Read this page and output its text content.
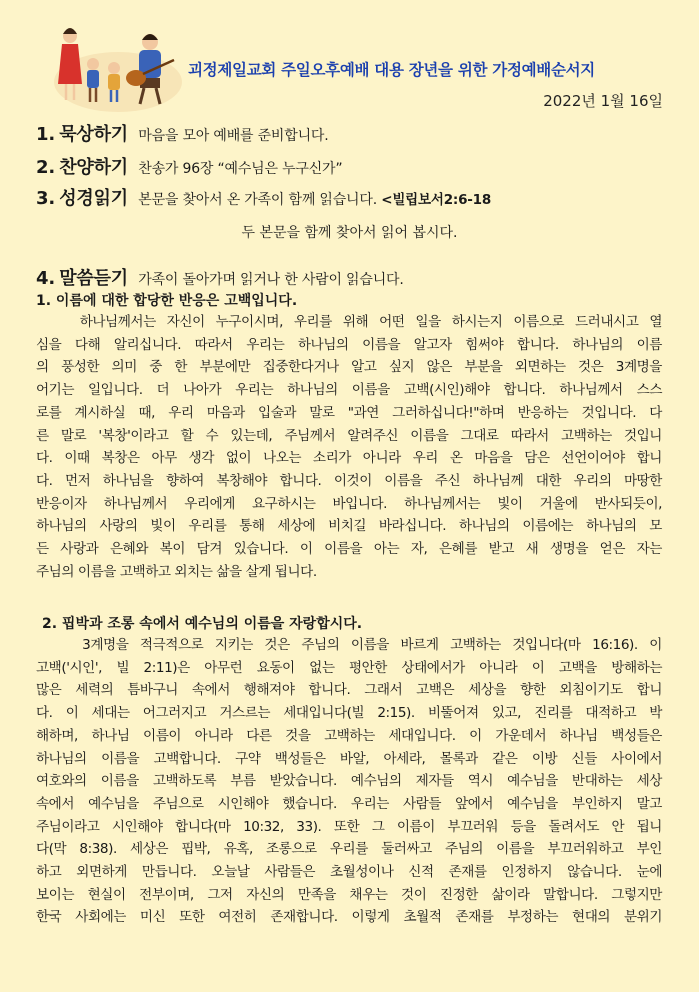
괴정제일교회 주일오후예배 대용 장년을 위한 가정예배순서지
2022년 1월 16일
1. 묵상하기 마음을 모아 예배를 준비합니다.
2. 찬양하기 찬송가 96장 “예수님은 누구신가”
3. 성경읽기 본문을 찾아서 온 가족이 함께 읽습니다. <빌립보서2:6-18
두 본문을 함께 찾아서 읽어 봅시다.
4. 말씀듣기 가족이 돌아가며 읽거나 한 사람이 읽습니다.
1. 이름에 대한 합당한 반응은 고백입니다.
하나님께서는 자신이 누구이시며, 우리를 위해 어떤 일을 하시는지 이름으로 드러내시고 열
심을 다해 알리십니다. 따라서 우리는 하나님의 이름을 알고자 힘써야 합니다. 하나님의 이름
의 풍성한 의미 중 한 부분에만 집중한다거나 알고 싶지 않은 부분을 외면하는 것은 3계명을
어기는 일입니다. 더 나아가 우리는 하나님의 이름을 고백(시인)해야 합니다. 하나님께서 스스
로를 계시하실 때, 우리 마음과 입술과 말로 "과연 그러하십니다!"하며 반응하는 것입니다. 다
른 말로 '복창'이라고 할 수 있는데, 주님께서 알려주신 이름을 그대로 따라서 고백하는 것입니
다. 이때 복창은 아무 생각 없이 나오는 소리가 아니라 우리 온 마음을 담은 선언이어야 합니
다. 먼저 하나님을 향하여 복창해야 합니다. 이것이 이름을 주신 하나님께 대한 우리의 마땅한
반응이자 하나님께서 우리에게 요구하시는 바입니다. 하나님께서는 빛이 거울에 반사되듯이,
하나님의 사랑의 빛이 우리를 통해 세상에 비치길 바라십니다. 하나님의 이름에는 하나님의 모
든 사랑과 은혜와 복이 담겨 있습니다. 이 이름을 아는 자, 은혜를 받고 새 생명을 얻은 자는
주님의 이름을 고백하고 외치는 삶을 살게 됩니다.
2. 핍박과 조롱 속에서 예수님의 이름을 자랑합시다.
3계명을 적극적으로 지키는 것은 주님의 이름을 바르게 고백하는 것입니다(마 16:16). 이
고백('시인', 빌 2:11)은 아무런 요동이 없는 평안한 상태에서가 아니라 이 고백을 방해하는
많은 세력의 틈바구니 속에서 행해져야 합니다. 그래서 고백은 세상을 향한 외침이기도 합니
다. 이 세대는 어그러지고 거스르는 세대입니다(빌 2:15). 비뚤어져 있고, 진리를 대적하고 박
해하며, 하나님 이름이 아니라 다른 것을 고백하는 세대입니다. 이 가운데서 하나님 백성들은
하나님의 이름을 고백합니다. 구약 백성들은 바알, 아세라, 몰록과 같은 이방 신들 사이에서
여호와의 이름을 고백하도록 부름 받았습니다. 예수님의 제자들 역시 예수님을 반대하는 세상
속에서 예수님을 주님으로 시인해야 했습니다. 우리는 사람들 앞에서 예수님을 부인하지 말고
주님이라고 시인해야 합니다(마 10:32, 33). 또한 그 이름이 부끄러워 등을 돌려서도 안 됩니
다(막 8:38). 세상은 핍박, 유혹, 조롱으로 우리를 둘러싸고 주님의 이름을 부끄러워하고 부인
하고 외면하게 만듭니다. 오늘날 사람들은 초월성이나 신적 존재를 인정하지 않습니다. 눈에
보이는 현실이 전부이며, 그저 자신의 만족을 채우는 것이 진정한 삶이라 말합니다. 그렇지만
한국 사회에는 미신 또한 여전히 존재합니다. 이렇게 초월적 존재를 부정하는 현대의 분위기
